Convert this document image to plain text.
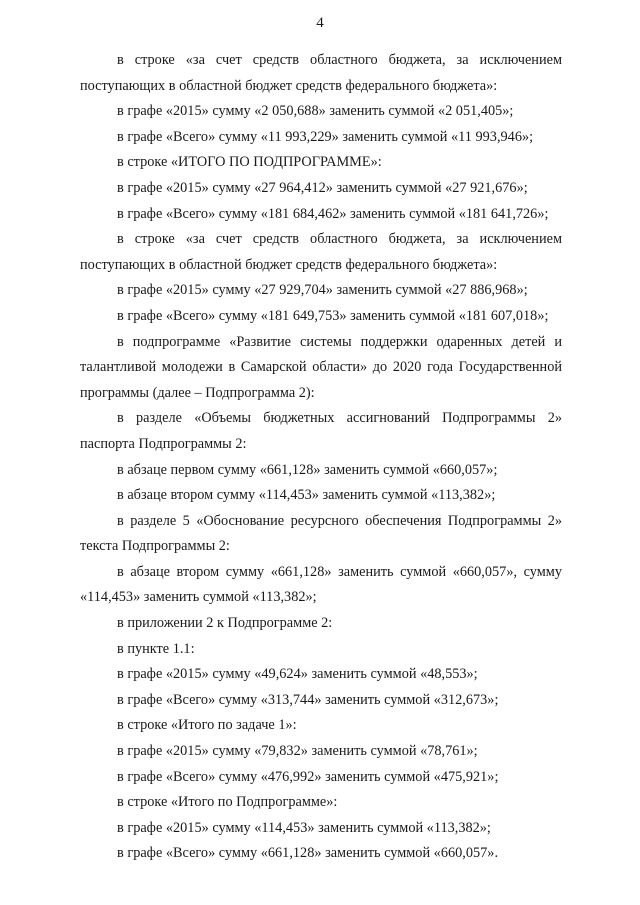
4

в строке «за счет средств областного бюджета, за исключением поступающих в областной бюджет средств федерального бюджета»:

в графе «2015» сумму «2 050,688» заменить суммой «2 051,405»;

в графе «Всего» сумму «11 993,229» заменить суммой «11 993,946»;

в строке «ИТОГО ПО ПОДПРОГРАММЕ»:

в графе «2015» сумму «27 964,412» заменить суммой «27 921,676»;

в графе «Всего» сумму «181 684,462» заменить суммой «181 641,726»;

в строке «за счет средств областного бюджета, за исключением поступающих в областной бюджет средств федерального бюджета»:

в графе «2015» сумму «27 929,704» заменить суммой «27 886,968»;

в графе «Всего» сумму «181 649,753» заменить суммой «181 607,018»;

в подпрограмме «Развитие системы поддержки одаренных детей и талантливой молодежи в Самарской области» до 2020 года Государственной программы (далее – Подпрограмма 2):

в разделе «Объемы бюджетных ассигнований Подпрограммы 2» паспорта Подпрограммы 2:

в абзаце первом сумму «661,128» заменить суммой «660,057»;

в абзаце втором сумму «114,453» заменить суммой «113,382»;

в разделе 5 «Обоснование ресурсного обеспечения Подпрограммы 2» текста Подпрограммы 2:

в абзаце втором сумму «661,128» заменить суммой «660,057», сумму «114,453» заменить суммой «113,382»;

в приложении 2 к Подпрограмме 2:

в пункте 1.1:

в графе «2015» сумму «49,624» заменить суммой «48,553»;

в графе «Всего» сумму «313,744» заменить суммой «312,673»;

в строке «Итого по задаче 1»:

в графе «2015» сумму «79,832» заменить суммой «78,761»;

в графе «Всего» сумму «476,992» заменить суммой «475,921»;

в строке «Итого по Подпрограмме»:

в графе «2015» сумму «114,453» заменить суммой «113,382»;

в графе «Всего» сумму «661,128» заменить суммой «660,057».
